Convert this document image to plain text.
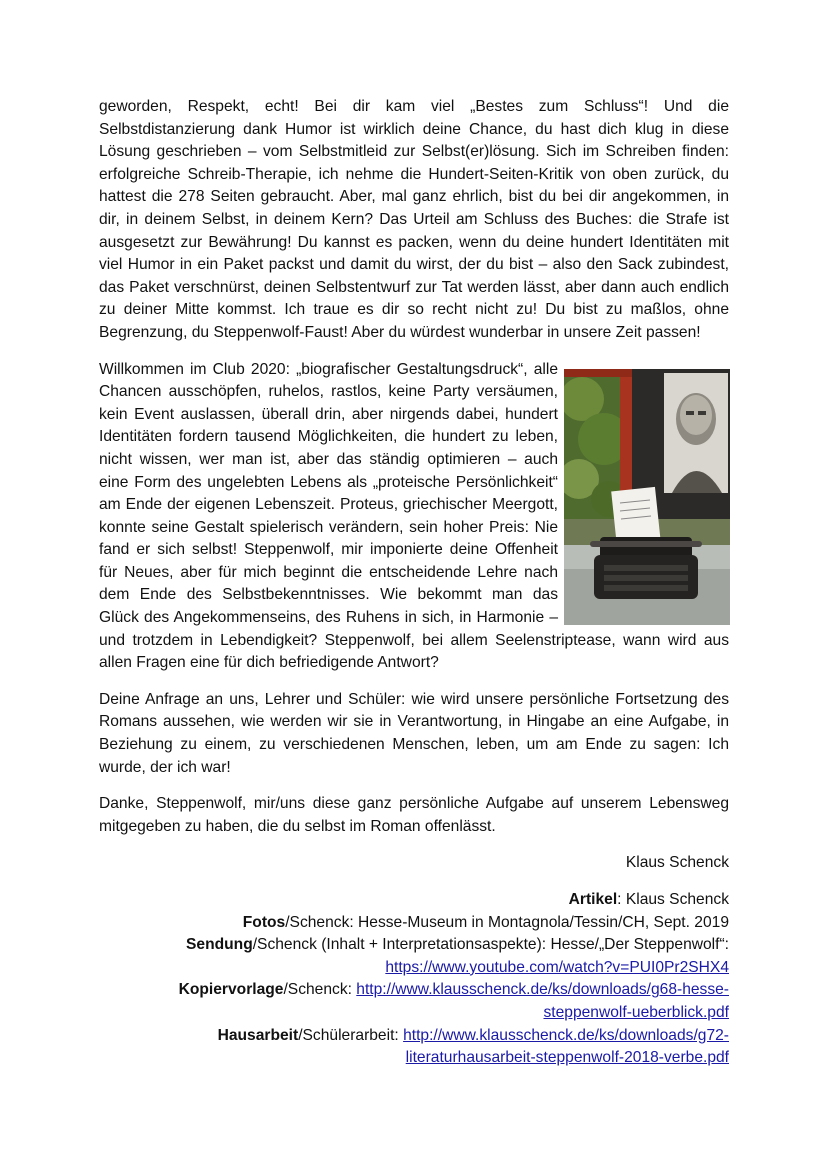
geworden, Respekt, echt! Bei dir kam viel „Bestes zum Schluss“! Und die Selbstdistanzierung dank Humor ist wirklich deine Chance, du hast dich klug in diese Lösung geschrieben – vom Selbstmitleid zur Selbst(er)lösung. Sich im Schreiben finden: erfolgreiche Schreib-Therapie, ich nehme die Hundert-Seiten-Kritik von oben zurück, du hattest die 278 Seiten gebraucht. Aber, mal ganz ehrlich, bist du bei dir angekommen, in dir, in deinem Selbst, in deinem Kern? Das Urteil am Schluss des Buches: die Strafe ist ausgesetzt zur Bewährung! Du kannst es packen, wenn du deine hundert Identitäten mit viel Humor in ein Paket packst und damit du wirst, der du bist – also den Sack zubindest, das Paket verschnürst, deinen Selbstentwurf zur Tat werden lässt, aber dann auch endlich zu deiner Mitte kommst. Ich traue es dir so recht nicht zu! Du bist zu maßlos, ohne Begrenzung, du Steppenwolf-Faust! Aber du würdest wunderbar in unsere Zeit passen!

Willkommen im Club 2020: „biografischer Gestaltungsdruck“, alle Chancen ausschöpfen, ruhelos, rastlos, keine Party versäumen, kein Event auslassen, überall drin, aber nirgends dabei, hundert Identitäten fordern tausend Möglichkeiten, die hundert zu leben, nicht wissen, wer man ist, aber das ständig optimieren – auch eine Form des ungelebten Lebens als „proteische Persönlichkeit“ am Ende der eigenen Lebenszeit. Proteus, griechischer Meergott, konnte seine Gestalt spielerisch verändern, sein hoher Preis: Nie fand er sich selbst! Steppenwolf, mir imponierte deine Offenheit für Neues, aber für mich beginnt die entscheidende Lehre nach dem Ende des Selbstbekenntnisses. Wie bekommt man das Glück des Angekommenseins, des Ruhens in sich, in Harmonie – und trotzdem in Lebendigkeit? Steppenwolf, bei allem Seelenstriptease, wann wird aus allen Fragen eine für dich befriedigende Antwort?

Deine Anfrage an uns, Lehrer und Schüler: wie wird unsere persönliche Fortsetzung des Romans aussehen, wie werden wir sie in Verantwortung, in Hingabe an eine Aufgabe, in Beziehung zu einem, zu verschiedenen Menschen, leben, um am Ende zu sagen: Ich wurde, der ich war!

Danke, Steppenwolf, mir/uns diese ganz persönliche Aufgabe auf unserem Lebensweg mitgegeben zu haben, die du selbst im Roman offenlässt.

Klaus Schenck
Artikel: Klaus Schenck
Fotos/Schenck: Hesse-Museum in Montagnola/Tessin/CH, Sept. 2019
Sendung/Schenck (Inhalt + Interpretationsaspekte): Hesse/„Der Steppenwolf“:
https://www.youtube.com/watch?v=PUI0Pr2SHX4
Kopiervorlage/Schenck: http://www.klausschenck.de/ks/downloads/g68-hesse-
steppenwolf-ueberblick.pdf
Hausarbeit/Schülerarbeit: http://www.klausschenck.de/ks/downloads/g72-
literaturhausarbeit-steppenwolf-2018-verbe.pdf
